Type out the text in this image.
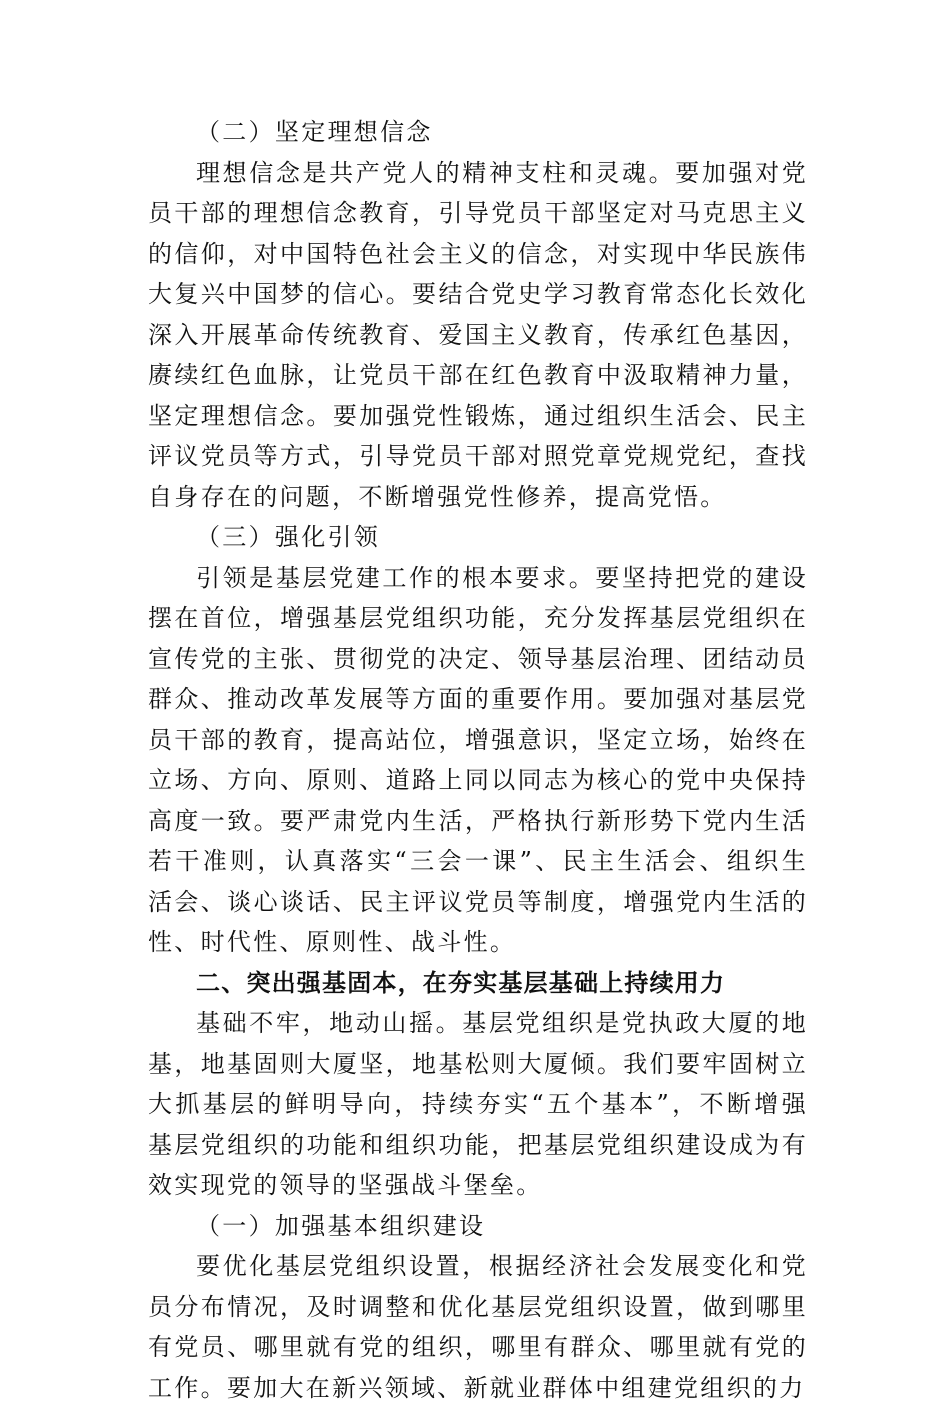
（二）坚定理想信念

理想信念是共产党人的精神支柱和灵魂。要加强对党员干部的理想信念教育，引导党员干部坚定对马克思主义的信仰，对中国特色社会主义的信念，对实现中华民族伟大复兴中国梦的信心。要结合党史学习教育常态化长效化深入开展革命传统教育、爱国主义教育，传承红色基因，赓续红色血脉，让党员干部在红色教育中汲取精神力量，坚定理想信念。要加强党性锻炼，通过组织生活会、民主评议党员等方式，引导党员干部对照党章党规党纪，查找自身存在的问题，不断增强党性修养，提高党悟。

（三）强化引领

引领是基层党建工作的根本要求。要坚持把党的建设摆在首位，增强基层党组织功能，充分发挥基层党组织在宣传党的主张、贯彻党的决定、领导基层治理、团结动员群众、推动改革发展等方面的重要作用。要加强对基层党员干部的教育，提高站位，增强意识，坚定立场，始终在立场、方向、原则、道路上同以同志为核心的党中央保持高度一致。要严肃党内生活，严格执行新形势下党内生活若干准则，认真落实“三会一课”、民主生活会、组织生活会、谈心谈话、民主评议党员等制度，增强党内生活的性、时代性、原则性、战斗性。

二、突出强基固本，在夯实基层基础上持续用力

基础不牢，地动山摇。基层党组织是党执政大厦的地基，地基固则大厦坚，地基松则大厦倾。我们要牢固树立大抓基层的鲜明导向，持续夯实“五个基本”，不断增强基层党组织的功能和组织功能，把基层党组织建设成为有效实现党的领导的坚强战斗堡垒。

（一）加强基本组织建设

要优化基层党组织设置，根据经济社会发展变化和党员分布情况，及时调整和优化基层党组织设置，做到哪里有党员、哪里就有党的组织，哪里有群众、哪里就有党的工作。要加大在新兴领域、新就业群体中组建党组织的力
